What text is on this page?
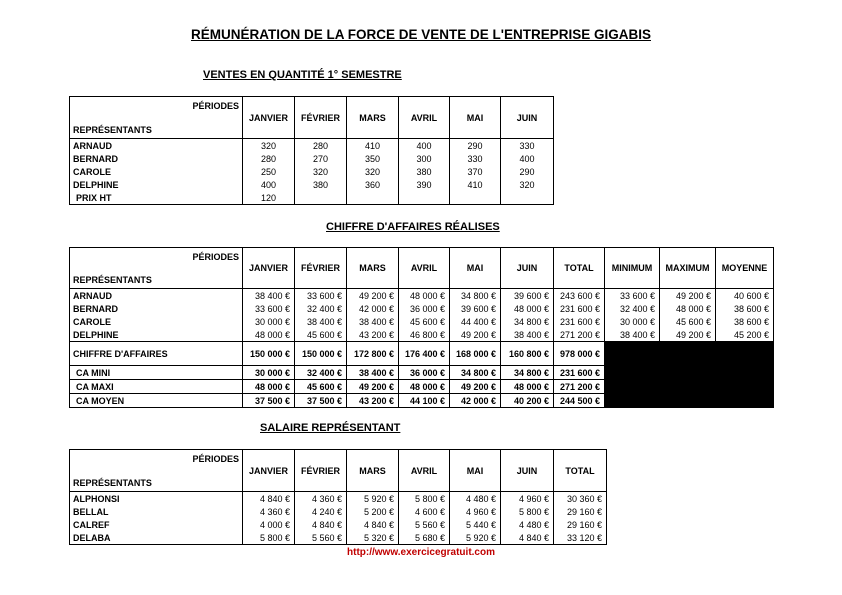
RÉMUNÉRATION DE LA FORCE DE VENTE DE L'ENTREPRISE GIGABIS
VENTES EN QUANTITÉ 1° SEMESTRE
PÉRIODES
REPRÉSENTANTS	JANVIER	FÉVRIER	MARS	AVRIL	MAI	JUIN
ARNAUD	320	280	410	400	290	330
BERNARD	280	270	350	300	330	400
CAROLE	250	320	320	380	370	290
DELPHINE	400	380	360	390	410	320
PRIX HT	120					
CHIFFRE D'AFFAIRES RÉALISES
PÉRIODES
REPRÉSENTANTS	JANVIER	FÉVRIER	MARS	AVRIL	MAI	JUIN	TOTAL	MINIMUM	MAXIMUM	MOYENNE
ARNAUD	38 400 €	33 600 €	49 200 €	48 000 €	34 800 €	39 600 €	243 600 €	33 600 €	49 200 €	40 600 €
BERNARD	33 600 €	32 400 €	42 000 €	36 000 €	39 600 €	48 000 €	231 600 €	32 400 €	48 000 €	38 600 €
CAROLE	30 000 €	38 400 €	38 400 €	45 600 €	44 400 €	34 800 €	231 600 €	30 000 €	45 600 €	38 600 €
DELPHINE	48 000 €	45 600 €	43 200 €	46 800 €	49 200 €	38 400 €	271 200 €	38 400 €	49 200 €	45 200 €
CHIFFRE D'AFFAIRES	150 000 €	150 000 €	172 800 €	176 400 €	168 000 €	160 800 €	978 000 €			
CA MINI	30 000 €	32 400 €	38 400 €	36 000 €	34 800 €	34 800 €	231 600 €			
CA MAXI	48 000 €	45 600 €	49 200 €	48 000 €	49 200 €	48 000 €	271 200 €			
CA MOYEN	37 500 €	37 500 €	43 200 €	44 100 €	42 000 €	40 200 €	244 500 €			
SALAIRE REPRÉSENTANT
PÉRIODES
REPRÉSENTANTS	JANVIER	FÉVRIER	MARS	AVRIL	MAI	JUIN	TOTAL
ALPHONSI	4 840 €	4 360 €	5 920 €	5 800 €	4 480 €	4 960 €	30 360 €
BELLAL	4 360 €	4 240 €	5 200 €	4 600 €	4 960 €	5 800 €	29 160 €
CALREF	4 000 €	4 840 €	4 840 €	5 560 €	5 440 €	4 480 €	29 160 €
DELABA	5 800 €	5 560 €	5 320 €	5 680 €	5 920 €	4 840 €	33 120 €
http://www.exercicegratuit.com
